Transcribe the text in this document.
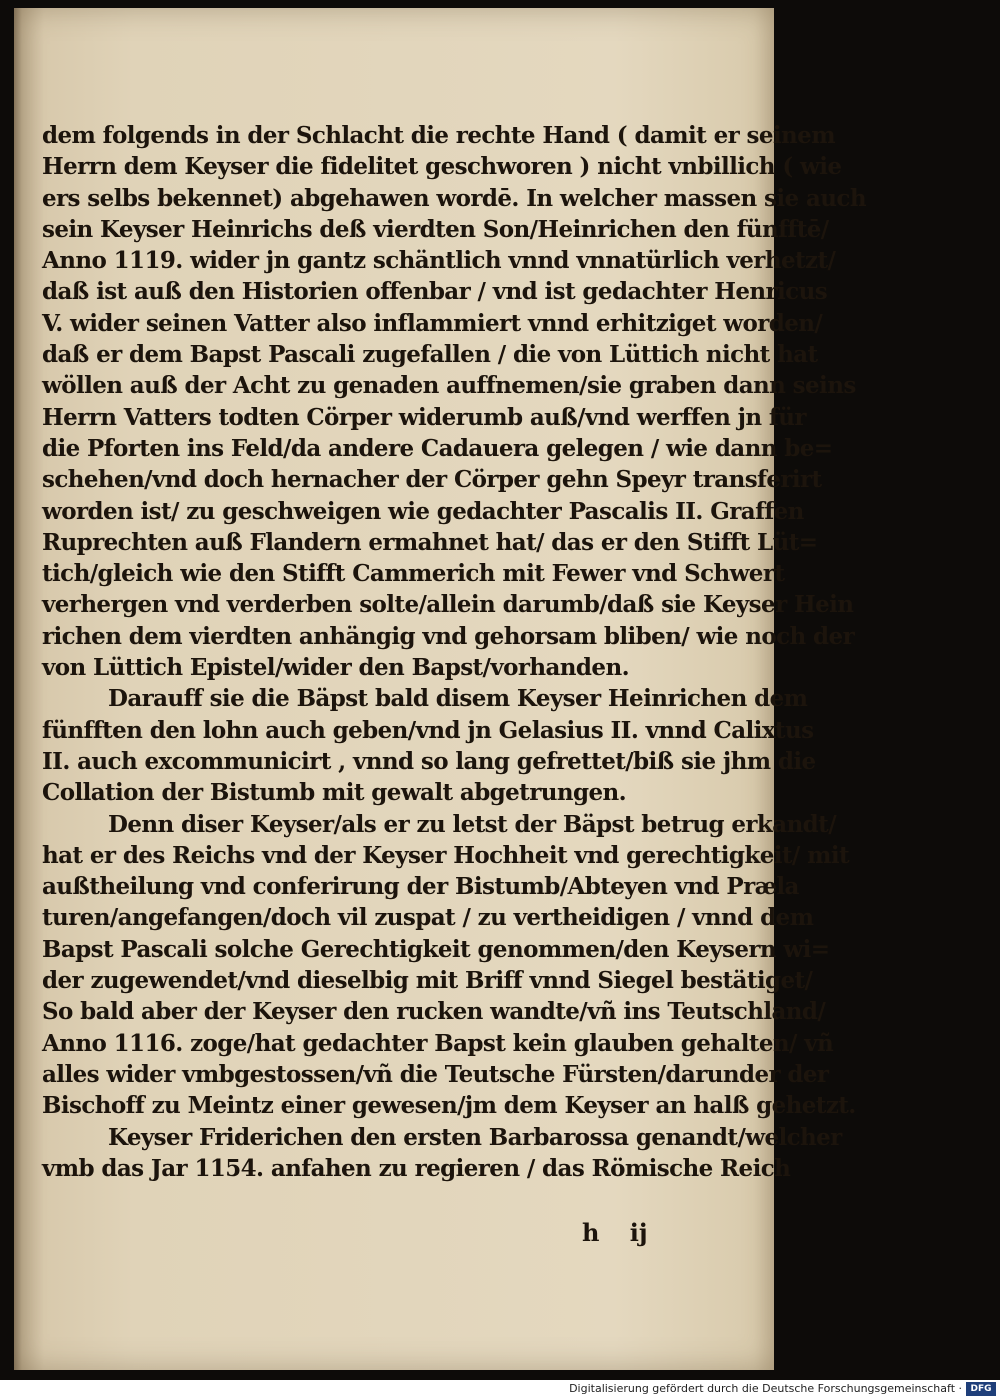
dem folgends in der Schlacht die rechte Hand ( damit er seinem
Herrn dem Keyser die fidelitet geschworen ) nicht vnbillich ( wie
ers selbs bekennet) abgehawen wordē. In welcher massen sie auch
sein Keyser Heinrichs deß vierdten Son/Heinrichen den fünfftē/
Anno 1119. wider jn gantz schäntlich vnnd vnnatürlich verhetzt/
daß ist auß den Historien offenbar / vnd ist gedachter Henricus
V. wider seinen Vatter also inflammiert vnnd erhitziget worden/
daß er dem Bapst Pascali zugefallen / die von Lüttich nicht hat
wöllen auß der Acht zu genaden auffnemen/sie graben dann seins
Herrn Vatters todten Cörper widerumb auß/vnd werffen jn für
die Pforten ins Feld/da andere Cadauera gelegen / wie dann be=
schehen/vnd doch hernacher der Cörper gehn Speyr transferirt
worden ist/ zu geschweigen wie gedachter Pascalis II. Graffen
Ruprechten auß Flandern ermahnet hat/ das er den Stifft Lüt=
tich/gleich wie den Stifft Cammerich mit Fewer vnd Schwert
verhergen vnd verderben solte/allein darumb/daß sie Keyser Hein
richen dem vierdten anhängig vnd gehorsam bliben/ wie noch der
von Lüttich Epistel/wider den Bapst/vorhanden.
Darauff sie die Bäpst bald disem Keyser Heinrichen dem
fünfften den lohn auch geben/vnd jn Gelasius II. vnnd Calixtus
II. auch excommunicirt , vnnd so lang gefrettet/biß sie jhm die
Collation der Bistumb mit gewalt abgetrungen.
Denn diser Keyser/als er zu letst der Bäpst betrug erkandt/
hat er des Reichs vnd der Keyser Hochheit vnd gerechtigkeit/ mit
außtheilung vnd conferirung der Bistumb/Abteyen vnd Præla
turen/angefangen/doch vil zuspat / zu vertheidigen / vnnd dem
Bapst Pascali solche Gerechtigkeit genommen/den Keysern wi=
der zugewendet/vnd dieselbig mit Briff vnnd Siegel bestätiget/
So bald aber der Keyser den rucken wandte/vñ ins Teutschland/
Anno 1116. zoge/hat gedachter Bapst kein glauben gehalten/ vñ
alles wider vmbgestossen/vñ die Teutsche Fürsten/darunder der
Bischoff zu Meintz einer gewesen/jm dem Keyser an halß gehetzt.
Keyser Friderichen den ersten Barbarossa genandt/welcher
vmb das Jar 1154. anfahen zu regieren / das Römische Reich
h ij
Digitalisierung gefördert durch die Deutsche Forschungsgemeinschaft · DFG
